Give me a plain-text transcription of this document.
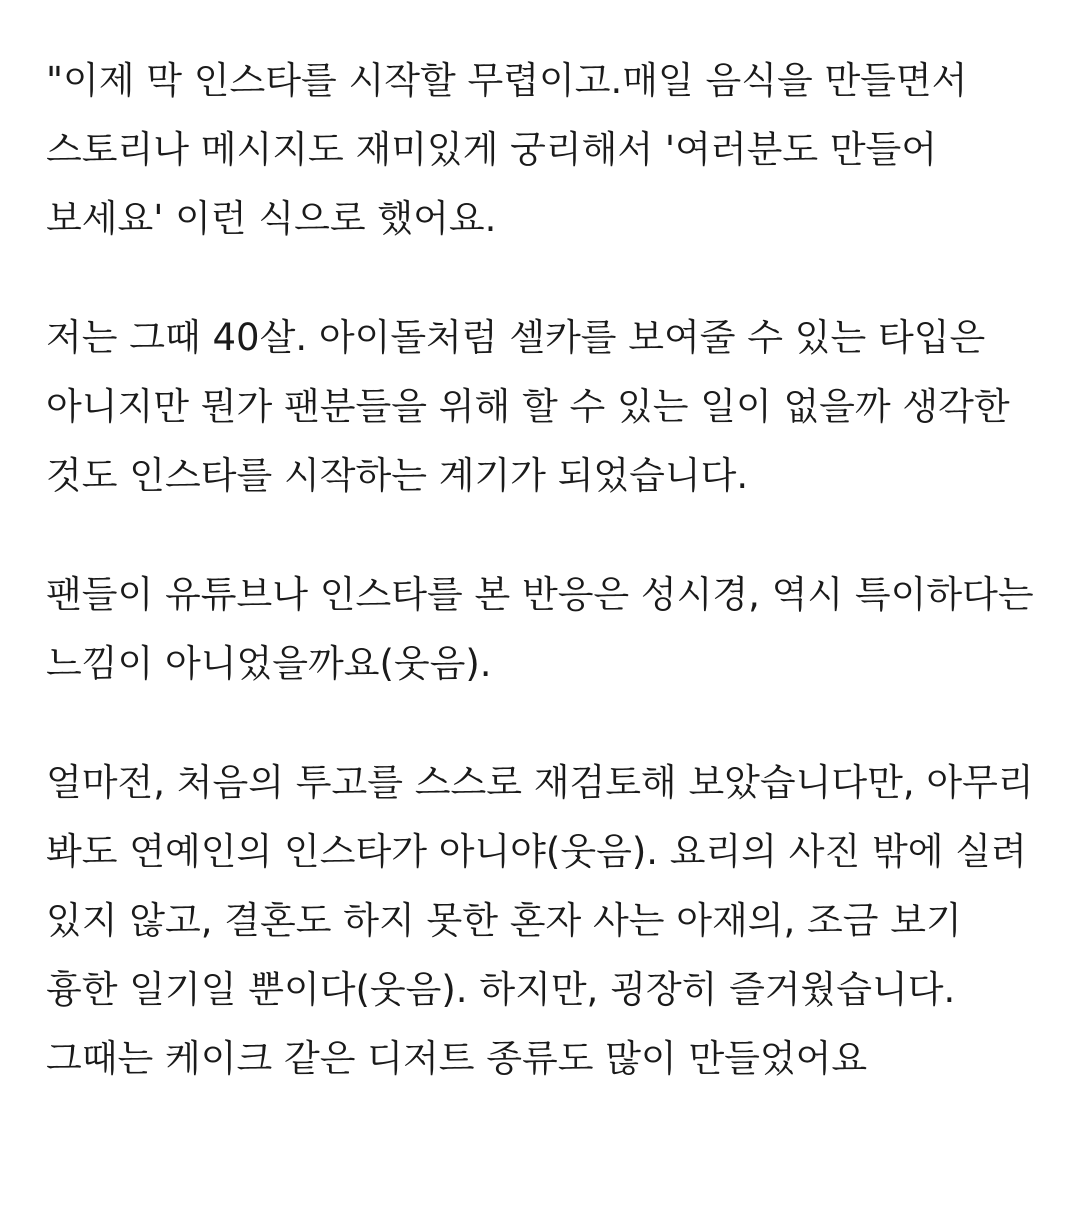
"이제 막 인스타를 시작할 무렵이고.매일 음식을 만들면서 스토리나 메시지도 재미있게 궁리해서 '여러분도 만들어 보세요' 이런 식으로 했어요.

저는 그때 40살. 아이돌처럼 셀카를 보여줄 수 있는 타입은 아니지만 뭔가 팬분들을 위해 할 수 있는 일이 없을까 생각한 것도 인스타를 시작하는 계기가 되었습니다.

팬들이 유튜브나 인스타를 본 반응은 성시경, 역시 특이하다는 느낌이 아니었을까요(웃음).

얼마전, 처음의 투고를 스스로 재검토해 보았습니다만, 아무리 봐도 연예인의 인스타가 아니야(웃음). 요리의 사진 밖에 실려 있지 않고, 결혼도 하지 못한 혼자 사는 아재의, 조금 보기 흉한 일기일 뿐이다(웃음). 하지만, 굉장히 즐거웠습니다.그때는 케이크 같은 디저트 종류도 많이 만들었어요
